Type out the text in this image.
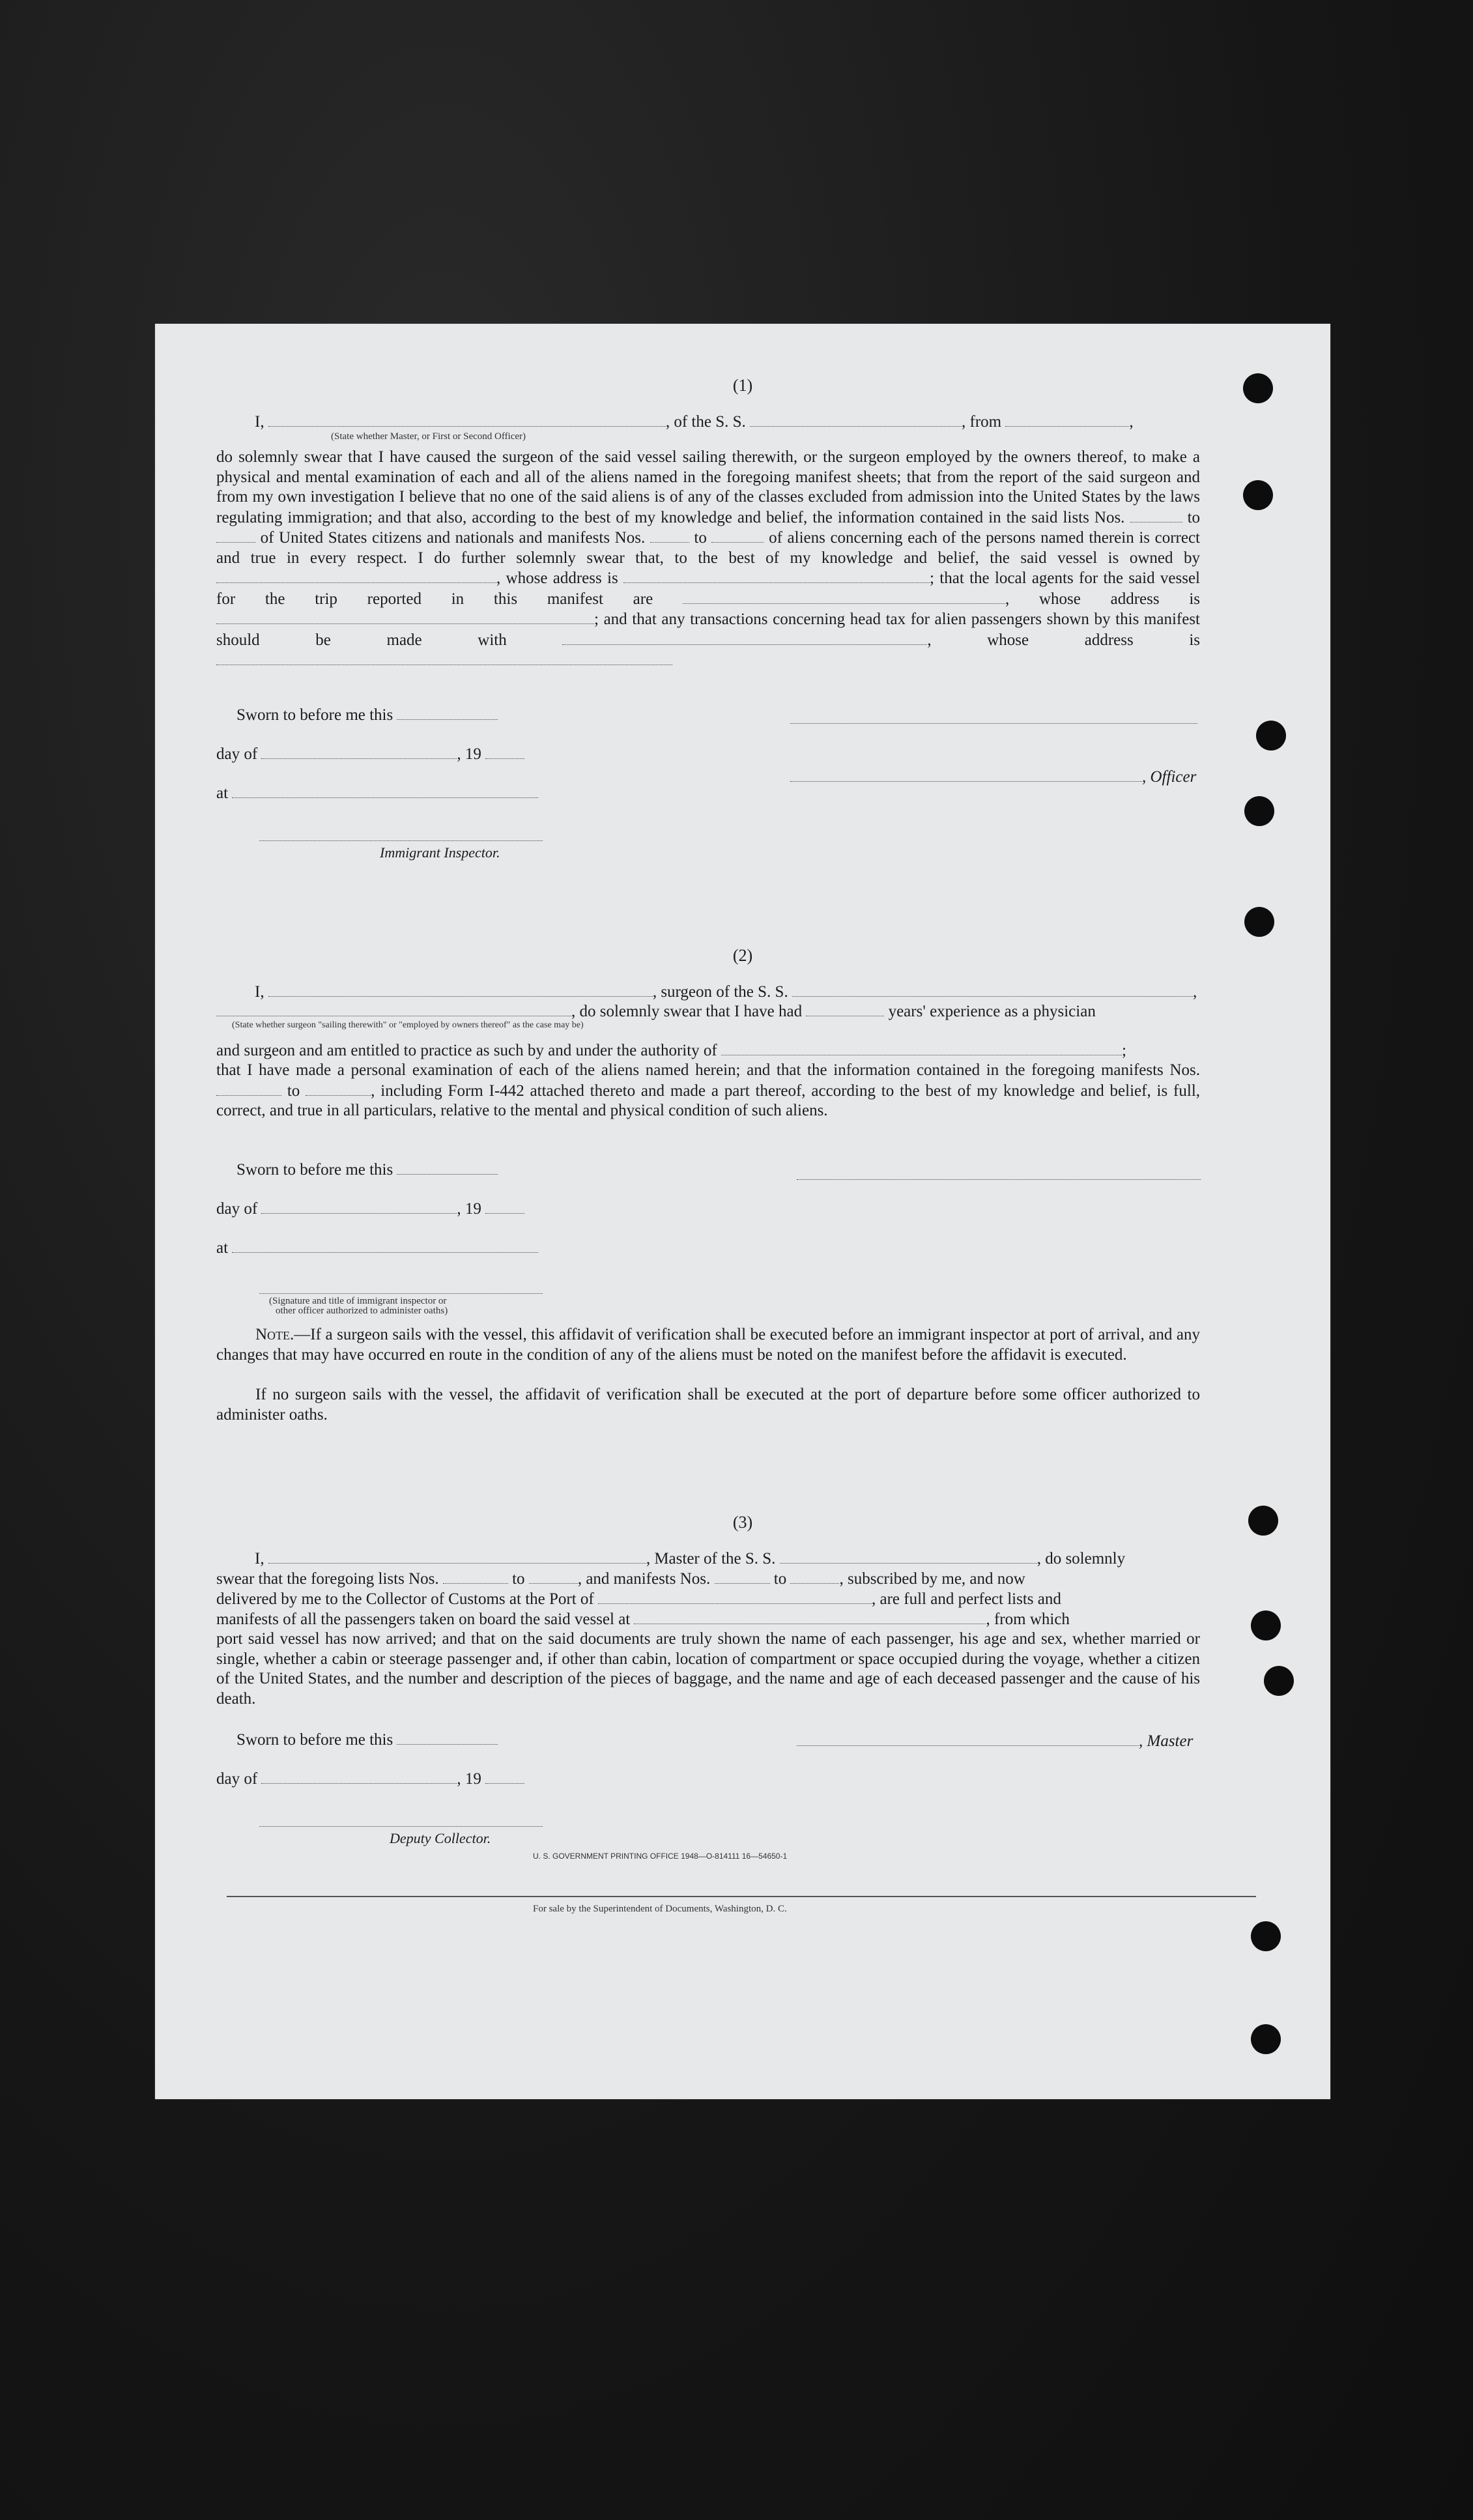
(1)
I,	, of the S. S.	, from	,
(State whether Master, or First or Second Officer)
do solemnly swear that I have caused the surgeon of the said vessel sailing therewith, or the surgeon employed by the owners thereof, to make a physical and mental examination of each and all of the aliens named in the foregoing manifest sheets; that from the report of the said surgeon and from my own investigation I believe that no one of the said aliens is of any of the classes excluded from admission into the United States by the laws regulating immigration; and that also, according to the best of my knowledge and belief, the information contained in the said lists Nos.	to  of United States citizens and nationals and manifests Nos.	to	of aliens concerning each of the persons named therein is correct and true in every respect. I do further solemnly swear that, to the best of my knowledge and belief, the said vessel is owned by , whose address is	; that the local agents for the said vessel for the trip reported in this manifest are	, whose address is ; and that any transactions concerning head tax for alien passengers shown by this manifest should be made with	, whose address is
Sworn to before me this
day of	, 19
, Officer
at
Immigrant Inspector.
(2)
I,	, surgeon of the S. S.	,
, do solemnly swear that I have had	years' experience as a physician
(State whether surgeon "sailing therewith" or "employed by owners thereof" as the case may be)
and surgeon and am entitled to practice as such by and under the authority of	;
that I have made a personal examination of each of the aliens named herein; and that the information contained in the foregoing manifests Nos.  to	, including Form I-442 attached thereto and made a part thereof, according to the best of my knowledge and belief, is full, correct, and true in all particulars, relative to the mental and physical condition of such aliens.
Sworn to before me this
day of	, 19
at
(Signature and title of immigrant inspector or
other officer authorized to administer oaths)
Note.—If a surgeon sails with the vessel, this affidavit of verification shall be executed before an immigrant inspector at port of arrival, and any changes that may have occurred en route in the condition of any of the aliens must be noted on the manifest before the affidavit is executed.
If no surgeon sails with the vessel, the affidavit of verification shall be executed at the port of departure before some officer authorized to administer oaths.
(3)
I,	, Master of the S. S.	, do solemnly
swear that the foregoing lists Nos.	to	, and manifests Nos.	to	, subscribed by me, and now
delivered by me to the Collector of Customs at the Port of	, are full and perfect lists and
manifests of all the passengers taken on board the said vessel at	, from which
port said vessel has now arrived; and that on the said documents are truly shown the name of each passenger, his age and sex, whether married or single, whether a cabin or steerage passenger and, if other than cabin, location of compartment or space occupied during the voyage, whether a citizen of the United States, and the number and description of the pieces of baggage, and the name and age of each deceased passenger and the cause of his death.
Sworn to before me this	, Master
day of	, 19
Deputy Collector.
U. S. GOVERNMENT PRINTING OFFICE 1948—O-814111 16—54650-1
For sale by the Superintendent of Documents, Washington, D. C.
